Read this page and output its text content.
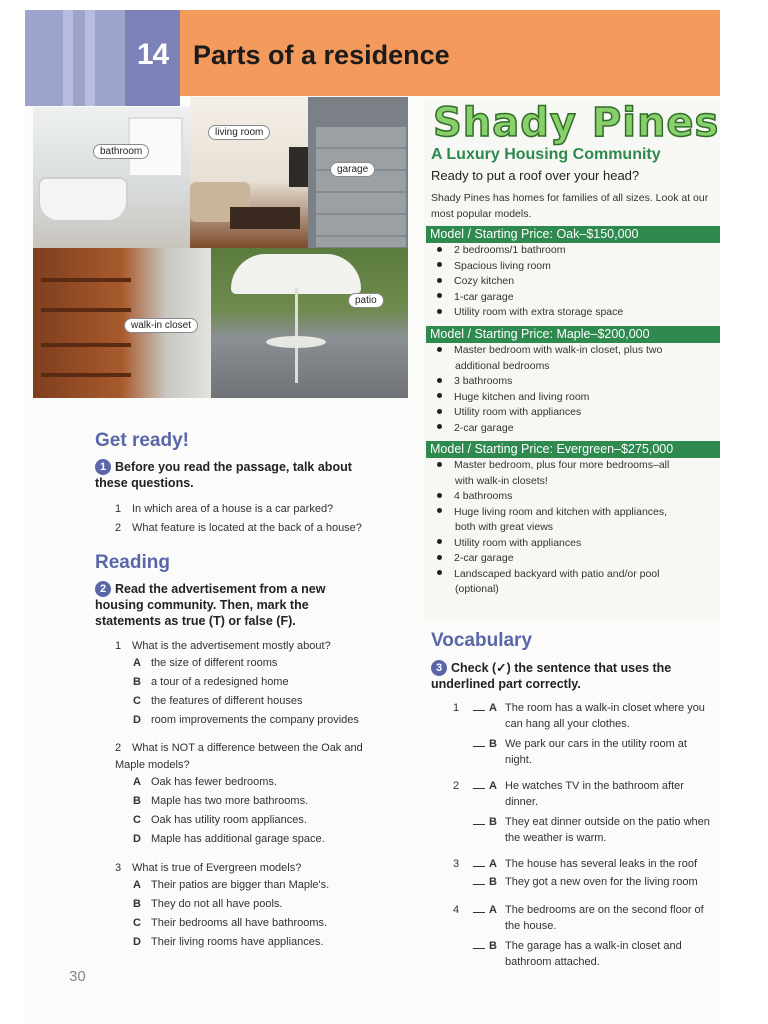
14 Parts of a residence
bathroom
living room
garage
walk-in closet
patio
Get ready!
1 Before you read the passage, talk about these questions.
1 In which area of a house is a car parked?
2 What feature is located at the back of a house?
Reading
2 Read the advertisement from a new housing community. Then, mark the statements as true (T) or false (F).
1 What is the advertisement mostly about?
A the size of different rooms
B a tour of a redesigned home
C the features of different houses
D room improvements the company provides
2 What is NOT a difference between the Oak and Maple models?
A Oak has fewer bedrooms.
B Maple has two more bathrooms.
C Oak has utility room appliances.
D Maple has additional garage space.
3 What is true of Evergreen models?
A Their patios are bigger than Maple's.
B They do not all have pools.
C Their bedrooms all have bathrooms.
D Their living rooms have appliances.
30
Shady Pines
A Luxury Housing Community
Ready to put a roof over your head?
Shady Pines has homes for families of all sizes. Look at our most popular models.
Model / Starting Price: Oak–$150,000
2 bedrooms/1 bathroom
Spacious living room
Cozy kitchen
1-car garage
Utility room with extra storage space
Model / Starting Price: Maple–$200,000
Master bedroom with walk-in closet, plus two
additional bedrooms
3 bathrooms
Huge kitchen and living room
Utility room with appliances
2-car garage
Model / Starting Price: Evergreen–$275,000
Master bedroom, plus four more bedrooms–all
with walk-in closets!
4 bathrooms
Huge living room and kitchen with appliances,
both with great views
Utility room with appliances
2-car garage
Landscaped backyard with patio and/or pool
(optional)
Vocabulary
3 Check (✓) the sentence that uses the underlined part correctly.
1	A The room has a walk-in closet where you can hang all your clothes.
B We park our cars in the utility room at night.
2	A He watches TV in the bathroom after dinner.
B They eat dinner outside on the patio when the weather is warm.
3	A The house has several leaks in the roof
B They got a new oven for the living room
4	A The bedrooms are on the second floor of the house.
B The garage has a walk-in closet and bathroom attached.
